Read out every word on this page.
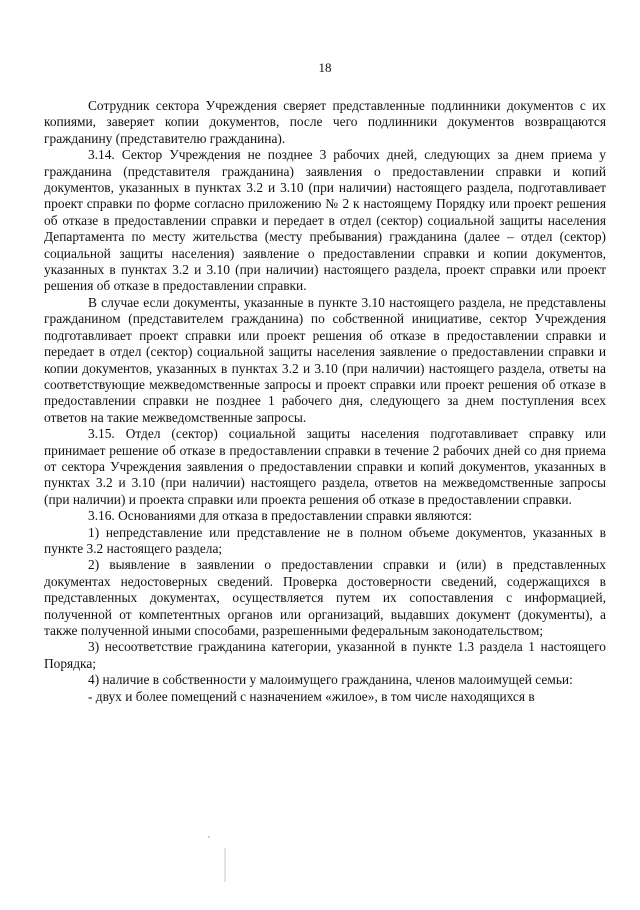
18

Сотрудник сектора Учреждения сверяет представленные подлинники документов с их копиями, заверяет копии документов, после чего подлинники документов возвращаются гражданину (представителю гражданина).

3.14. Сектор Учреждения не позднее 3 рабочих дней, следующих за днем приема у гражданина (представителя гражданина) заявления о предоставлении справки и копий документов, указанных в пунктах 3.2 и 3.10 (при наличии) настоящего раздела, подготавливает проект справки по форме согласно приложению № 2 к настоящему Порядку или проект решения об отказе в предоставлении справки и передает в отдел (сектор) социальной защиты населения Департамента по месту жительства (месту пребывания) гражданина (далее – отдел (сектор) социальной защиты населения) заявление о предоставлении справки и копии документов, указанных в пунктах 3.2 и 3.10 (при наличии) настоящего раздела, проект справки или проект решения об отказе в предоставлении справки.

В случае если документы, указанные в пункте 3.10 настоящего раздела, не представлены гражданином (представителем гражданина) по собственной инициативе, сектор Учреждения подготавливает проект справки или проект решения об отказе в предоставлении справки и передает в отдел (сектор) социальной защиты населения заявление о предоставлении справки и копии документов, указанных в пунктах 3.2 и 3.10 (при наличии) настоящего раздела, ответы на соответствующие межведомственные запросы и проект справки или проект решения об отказе в предоставлении справки не позднее 1 рабочего дня, следующего за днем поступления всех ответов на такие межведомственные запросы.

3.15. Отдел (сектор) социальной защиты населения подготавливает справку или принимает решение об отказе в предоставлении справки в течение 2 рабочих дней со дня приема от сектора Учреждения заявления о предоставлении справки и копий документов, указанных в пунктах 3.2 и 3.10 (при наличии) настоящего раздела, ответов на межведомственные запросы (при наличии) и проекта справки или проекта решения об отказе в предоставлении справки.

3.16. Основаниями для отказа в предоставлении справки являются:

1) непредставление или представление не в полном объеме документов, указанных в пункте 3.2 настоящего раздела;

2) выявление в заявлении о предоставлении справки и (или) в представленных документах недостоверных сведений. Проверка достоверности сведений, содержащихся в представленных документах, осуществляется путем их сопоставления с информацией, полученной от компетентных органов или организаций, выдавших документ (документы), а также полученной иными способами, разрешенными федеральным законодательством;

3) несоответствие гражданина категории, указанной в пункте 1.3 раздела 1 настоящего Порядка;

4) наличие в собственности у малоимущего гражданина, членов малоимущей семьи:

- двух и более помещений с назначением «жилое», в том числе находящихся в
